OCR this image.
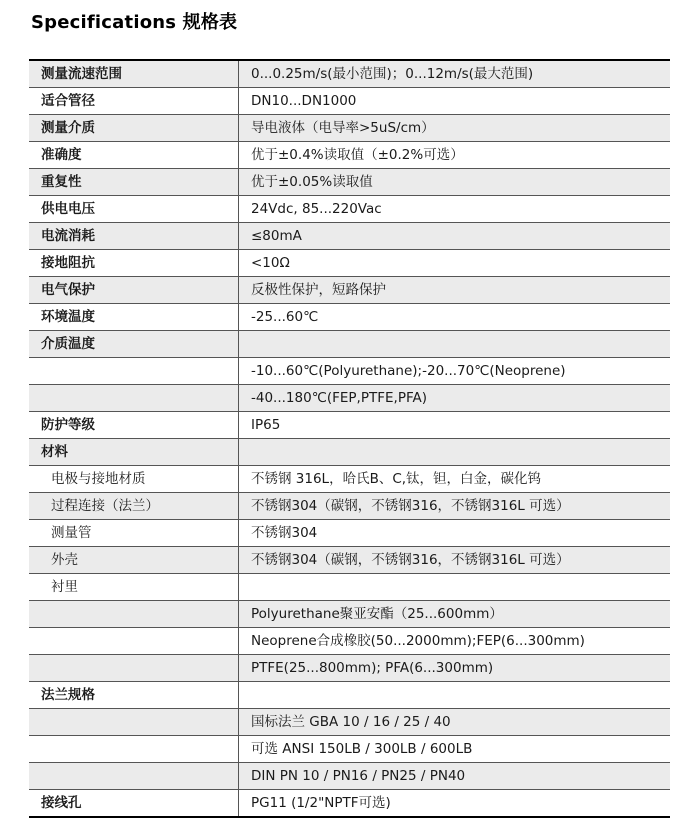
Specifications 规格表
测量流速范围	0...0.25m/s(最小范围)；0...12m/s(最大范围)
适合管径	DN10...DN1000
测量介质	导电液体（电导率>5uS/cm）
准确度	优于±0.4%读取值（±0.2%可选）
重复性	优于±0.05%读取值
供电电压	24Vdc, 85...220Vac
电流消耗	≤80mA
接地阻抗	<10Ω
电气保护	反极性保护，短路保护
环境温度	-25...60℃
介质温度	
	-10...60℃(Polyurethane);-20...70℃(Neoprene)
	-40...180℃(FEP,PTFE,PFA)
防护等级	IP65
材料	
电极与接地材质	不锈钢 316L，哈氏B、C,钛，钽，白金，碳化钨
过程连接（法兰）	不锈钢304（碳钢，不锈钢316，不锈钢316L 可选）
测量管	不锈钢304
外壳	不锈钢304（碳钢，不锈钢316，不锈钢316L 可选）
衬里	
	Polyurethane聚亚安酯（25...600mm）
	Neoprene合成橡胶(50...2000mm);FEP(6...300mm)
	PTFE(25...800mm); PFA(6...300mm)
法兰规格	
	国标法兰 GBA 10 / 16 / 25 / 40
	可选 ANSI 150LB / 300LB / 600LB
	DIN PN 10 / PN16 / PN25 / PN40
接线孔	PG11 (1/2"NPTF可选)
